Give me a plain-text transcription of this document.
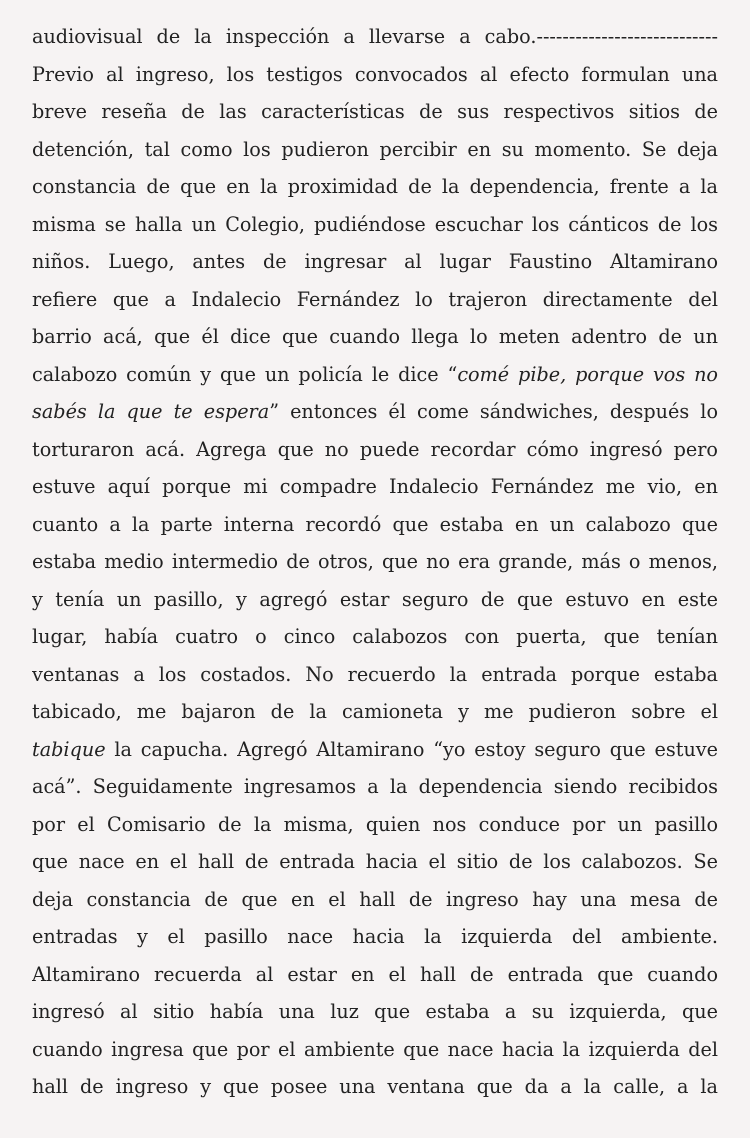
audiovisual de la inspección a llevarse a cabo.----------------------------
Previo al ingreso, los testigos convocados al efecto formulan una
breve reseña de las características de sus respectivos sitios de
detención, tal como los pudieron percibir en su momento. Se deja
constancia de que en la proximidad de la dependencia, frente a la
misma se halla un Colegio, pudiéndose escuchar los cánticos de los
niños. Luego, antes de ingresar al lugar Faustino Altamirano
refiere que a Indalecio Fernández lo trajeron directamente del
barrio acá, que él dice que cuando llega lo meten adentro de un
calabozo común y que un policía le dice “comé pibe, porque vos no
sabés la que te espera” entonces él come sándwiches, después lo
torturaron acá. Agrega que no puede recordar cómo ingresó pero
estuve aquí porque mi compadre Indalecio Fernández me vio, en
cuanto a la parte interna recordó que estaba en un calabozo que
estaba medio intermedio de otros, que no era grande, más o menos,
y tenía un pasillo, y agregó estar seguro de que estuvo en este
lugar, había cuatro o cinco calabozos con puerta, que tenían
ventanas a los costados. No recuerdo la entrada porque estaba
tabicado, me bajaron de la camioneta y me pudieron sobre el
tabique la capucha. Agregó Altamirano “yo estoy seguro que estuve
acá”. Seguidamente ingresamos a la dependencia siendo recibidos
por el Comisario de la misma, quien nos conduce por un pasillo
que nace en el hall de entrada hacia el sitio de los calabozos. Se
deja constancia de que en el hall de ingreso hay una mesa de
entradas y el pasillo nace hacia la izquierda del ambiente.
Altamirano recuerda al estar en el hall de entrada que cuando
ingresó al sitio había una luz que estaba a su izquierda, que
cuando ingresa que por el ambiente que nace hacia la izquierda del
hall de ingreso y que posee una ventana que da a la calle, a la
